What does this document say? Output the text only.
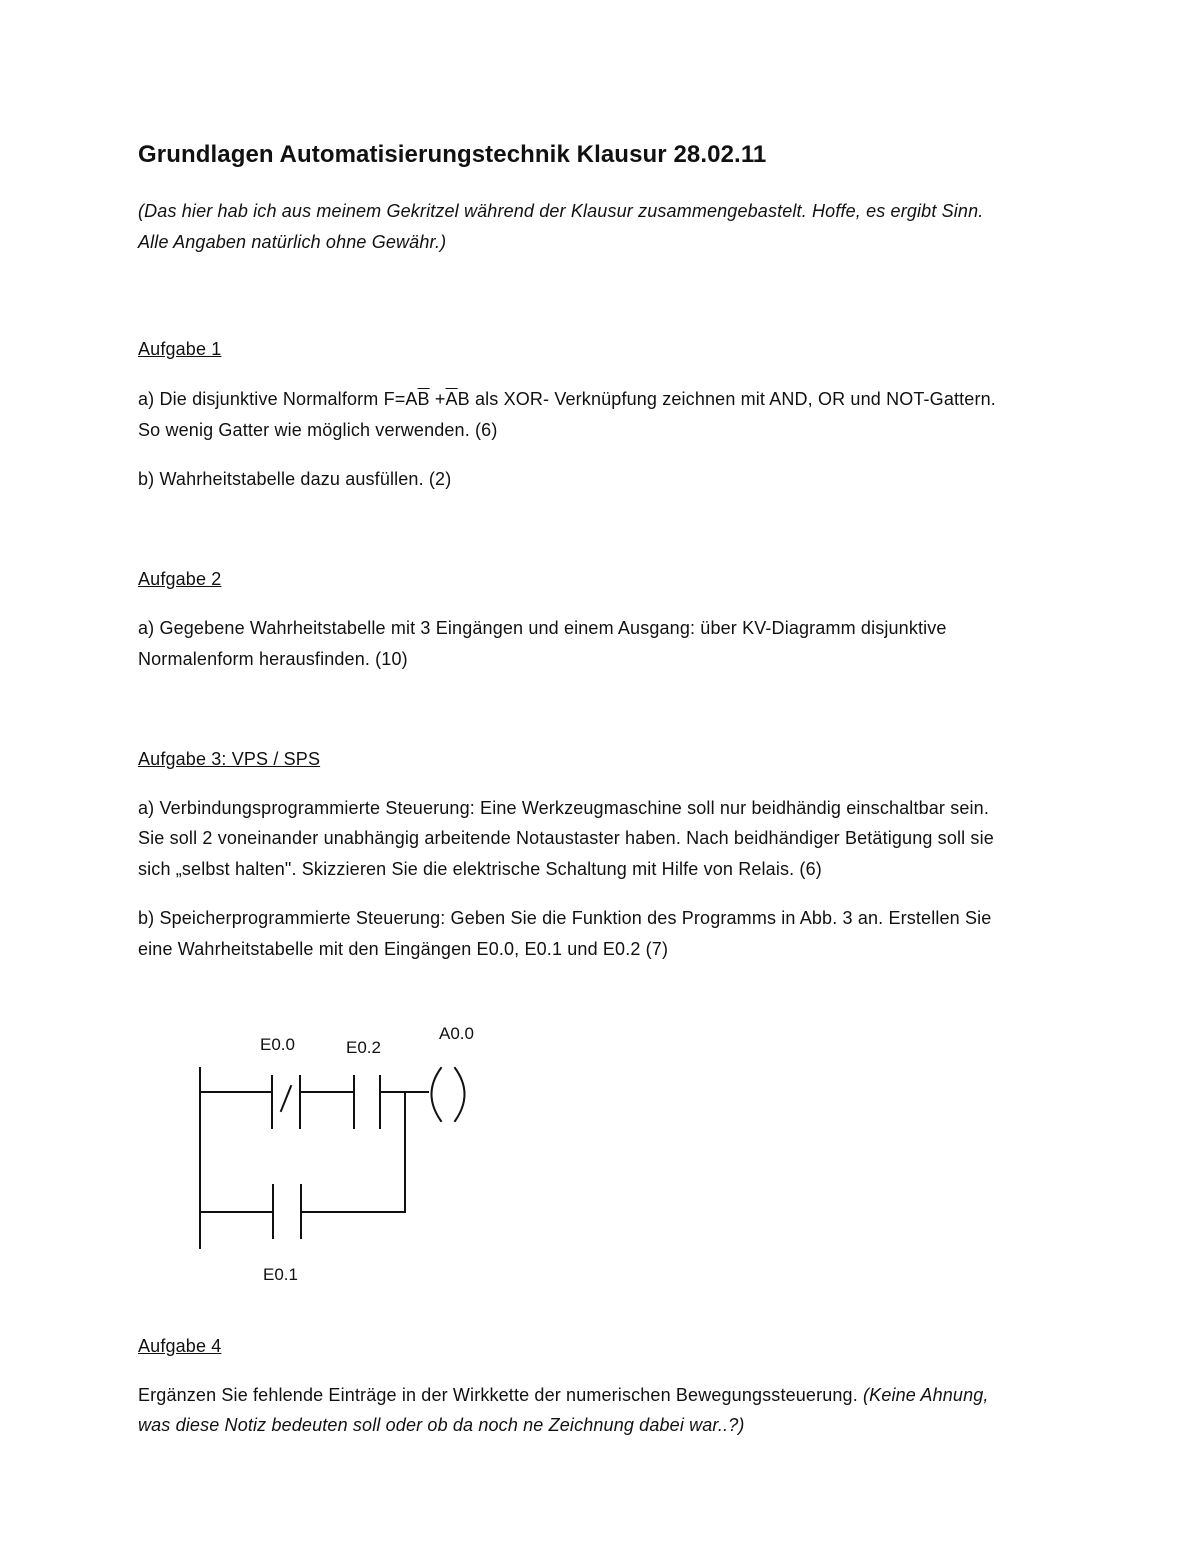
Grundlagen Automatisierungstechnik Klausur 28.02.11
(Das hier hab ich aus meinem Gekritzel während der Klausur zusammengebastelt. Hoffe, es ergibt Sinn.
Alle Angaben natürlich ohne Gewähr.)
Aufgabe 1
a) Die disjunktive Normalform $F=A\overline{B} +\overline{A}B$ als XOR- Verknüpfung zeichnen mit AND, OR und NOT-Gattern.
So wenig Gatter wie möglich verwenden. (6)
b) Wahrheitstabelle dazu ausfüllen. (2)
Aufgabe 2
a) Gegebene Wahrheitstabelle mit 3 Eingängen und einem Ausgang: über KV-Diagramm disjunktive
Normalenform herausfinden. (10)
Aufgabe 3: VPS / SPS
a) Verbindungsprogrammierte Steuerung: Eine Werkzeugmaschine soll nur beidhändig einschaltbar sein.
Sie soll 2 voneinander unabhängig arbeitende Notaustaster haben. Nach beidhändiger Betätigung soll sie
sich „selbst halten". Skizzieren Sie die elektrische Schaltung mit Hilfe von Relais. (6)
b) Speicherprogrammierte Steuerung: Geben Sie die Funktion des Programms in Abb. 3 an. Erstellen Sie
eine Wahrheitstabelle mit den Eingängen E0.0, E0.1 und E0.2 (7)
E0.0	E0.2
A0.0
E0.1
Aufgabe 4
Ergänzen Sie fehlende Einträge in der Wirkkette der numerischen Bewegungssteuerung. (Keine Ahnung,
was diese Notiz bedeuten soll oder ob da noch ne Zeichnung dabei war..?)
